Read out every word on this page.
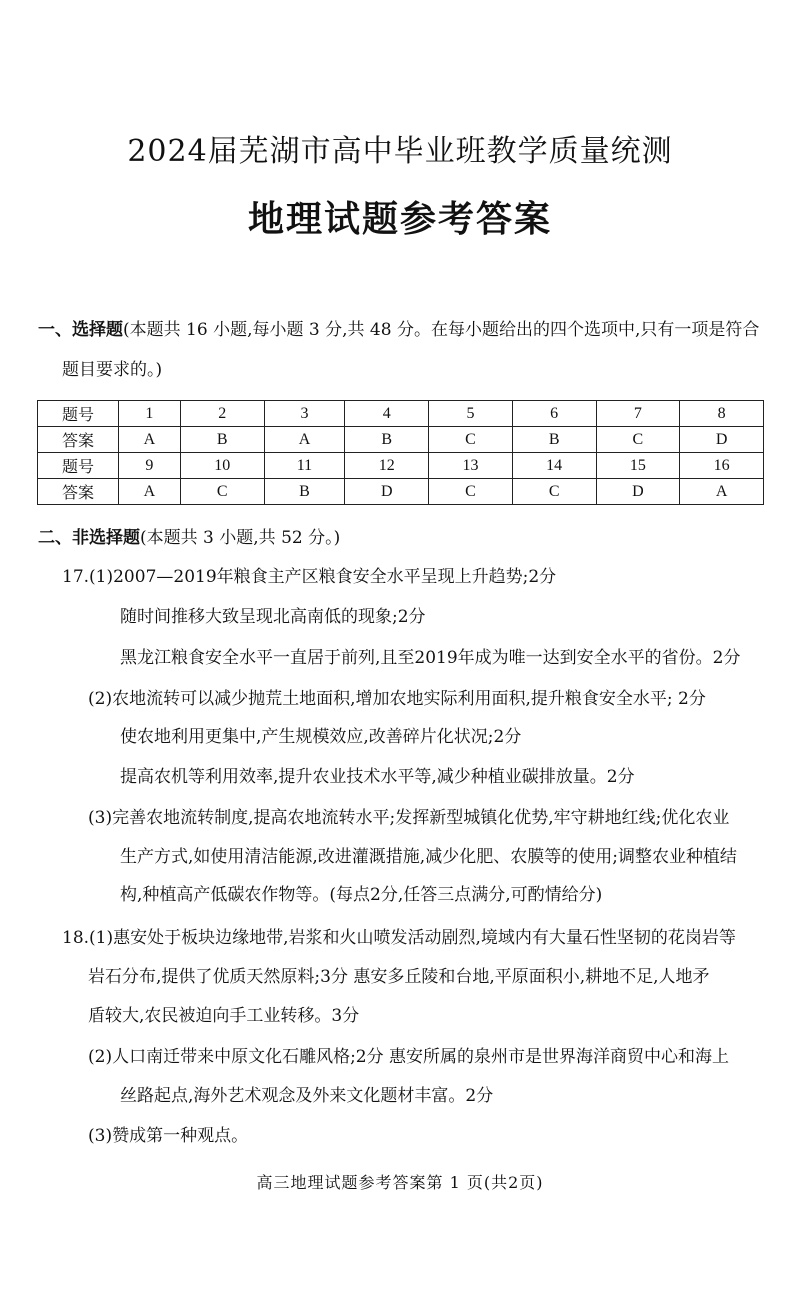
2024届芜湖市高中毕业班教学质量统测
地理试题参考答案
一、选择题(本题共 16 小题,每小题 3 分,共 48 分。在每小题给出的四个选项中,只有一项是符合
题目要求的。)
题号	1	2	3	4	5	6	7	8
答案	A	B	A	B	C	B	C	D
题号	9	10	11	12	13	14	15	16
答案	A	C	B	D	C	C	D	A
二、非选择题(本题共 3 小题,共 52 分。)
17.(1)2007—2019年粮食主产区粮食安全水平呈现上升趋势;2分
随时间推移大致呈现北高南低的现象;2分
黑龙江粮食安全水平一直居于前列,且至2019年成为唯一达到安全水平的省份。2分
(2)农地流转可以减少抛荒土地面积,增加农地实际利用面积,提升粮食安全水平; 2分
使农地利用更集中,产生规模效应,改善碎片化状况;2分
提高农机等利用效率,提升农业技术水平等,减少种植业碳排放量。2分
(3)完善农地流转制度,提高农地流转水平;发挥新型城镇化优势,牢守耕地红线;优化农业
生产方式,如使用清洁能源,改进灌溉措施,减少化肥、农膜等的使用;调整农业种植结
构,种植高产低碳农作物等。(每点2分,任答三点满分,可酌情给分)
18.(1)惠安处于板块边缘地带,岩浆和火山喷发活动剧烈,境域内有大量石性坚韧的花岗岩等
岩石分布,提供了优质天然原料;3分 惠安多丘陵和台地,平原面积小,耕地不足,人地矛
盾较大,农民被迫向手工业转移。3分
(2)人口南迁带来中原文化石雕风格;2分 惠安所属的泉州市是世界海洋商贸中心和海上
丝路起点,海外艺术观念及外来文化题材丰富。2分
(3)赞成第一种观点。
高三地理试题参考答案第 1 页(共2页)
